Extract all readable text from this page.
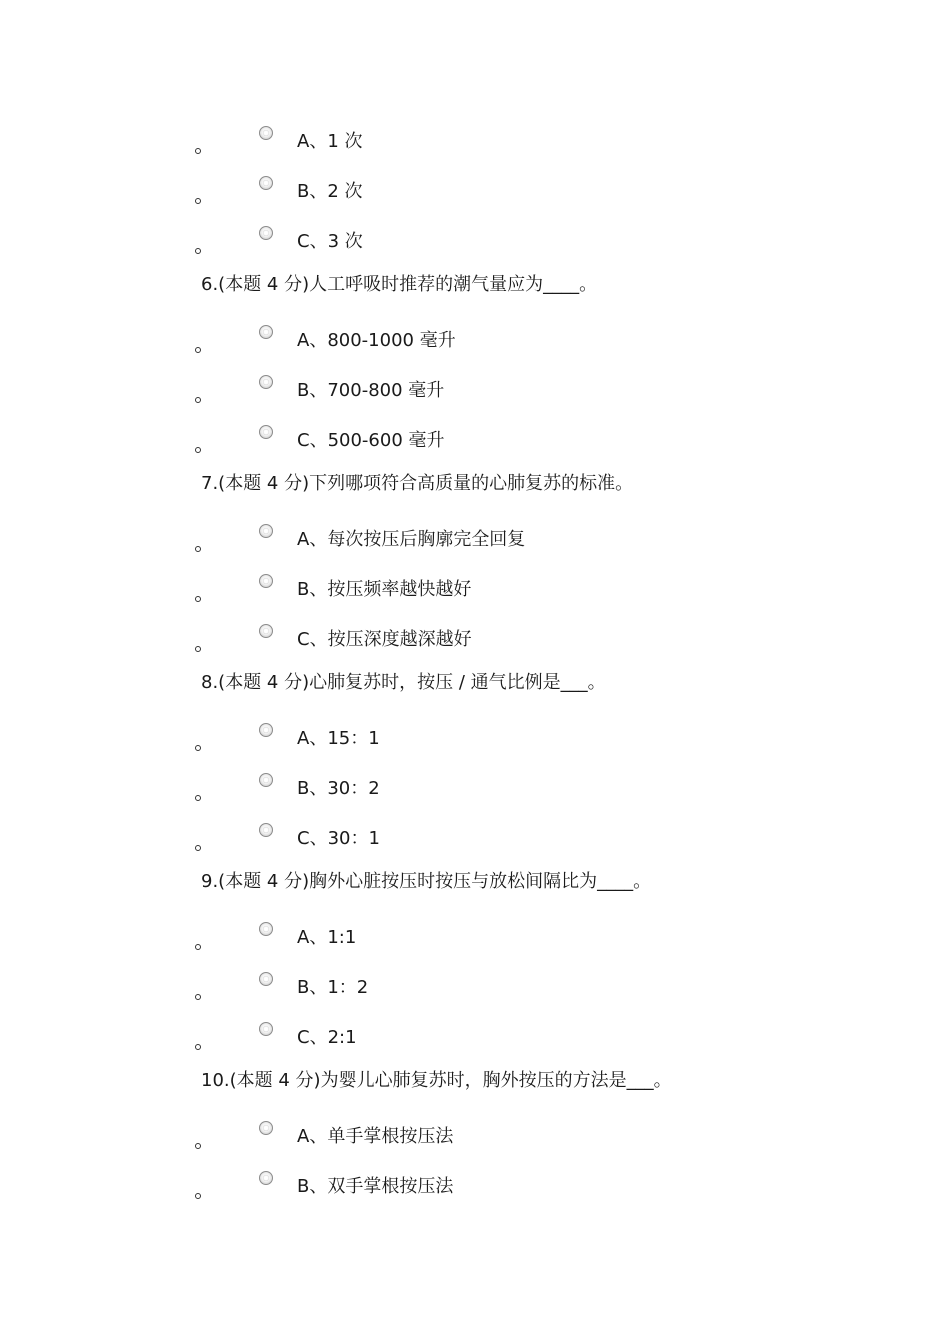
A、1 次
B、2 次
C、3 次
6.(本题 4 分)人工呼吸时推荐的潮气量应为____。
A、800-1000 毫升
B、700-800 毫升
C、500-600 毫升
7.(本题 4 分)下列哪项符合高质量的心肺复苏的标准。
A、每次按压后胸廓完全回复
B、按压频率越快越好
C、按压深度越深越好
8.(本题 4 分)心肺复苏时，按压 / 通气比例是___。
A、15：1
B、30：2
C、30：1
9.(本题 4 分)胸外心脏按压时按压与放松间隔比为____。
A、1:1
B、1：2
C、2:1
10.(本题 4 分)为婴儿心肺复苏时，胸外按压的方法是___。
A、单手掌根按压法
B、双手掌根按压法
